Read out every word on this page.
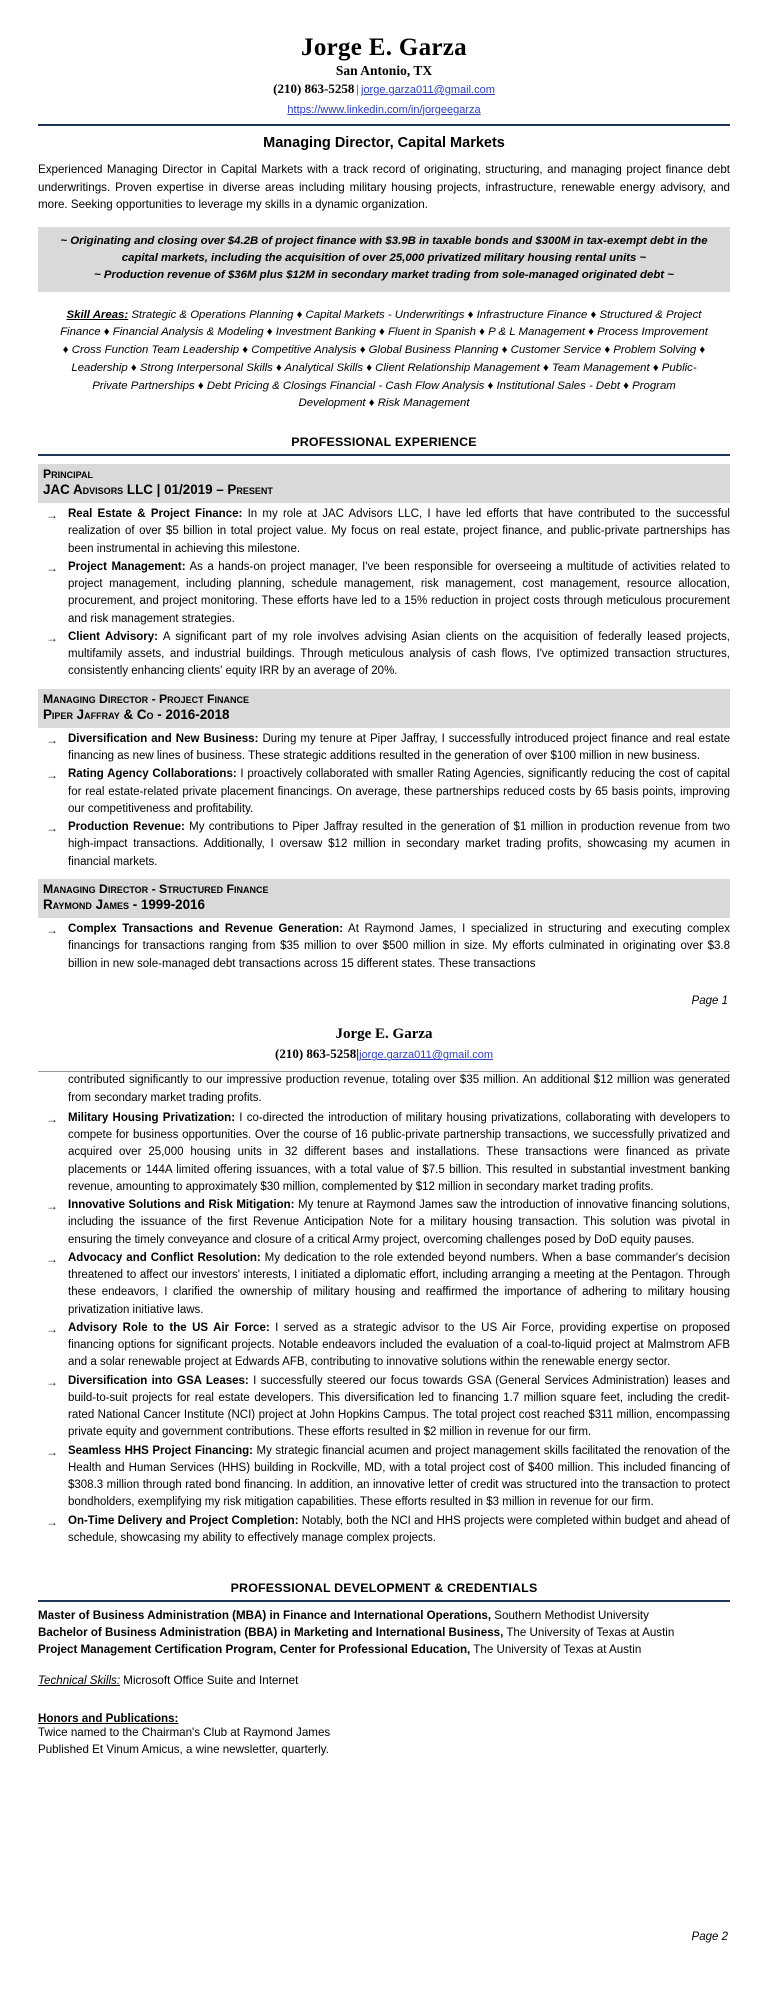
Jorge E. Garza
San Antonio, TX
(210) 863-5258 | jorge.garza011@gmail.com
https://www.linkedin.com/in/jorgeegarza
Managing Director, Capital Markets

Experienced Managing Director in Capital Markets with a track record of originating, structuring, and managing project finance debt underwritings. Proven expertise in diverse areas including military housing projects, infrastructure, renewable energy advisory, and more. Seeking opportunities to leverage my skills in a dynamic organization.

~ Originating and closing over $4.2B of project finance with $3.9B in taxable bonds and $300M in tax-exempt debt in the capital markets, including the acquisition of over 25,000 privatized military housing rental units ~

~ Production revenue of $36M plus $12M in secondary market trading from sole-managed originated debt ~

Skill Areas: Strategic & Operations Planning ♦ Capital Markets - Underwritings ♦ Infrastructure Finance ♦ Structured & Project Finance ♦ Financial Analysis & Modeling ♦ Investment Banking ♦ Fluent in Spanish ♦ P & L Management ♦ Process Improvement ♦ Cross Function Team Leadership ♦ Competitive Analysis ♦ Global Business Planning ♦ Customer Service ♦ Problem Solving ♦ Leadership ♦ Strong Interpersonal Skills ♦ Analytical Skills ♦ Client Relationship Management ♦ Team Management ♦ Public-Private Partnerships ♦ Debt Pricing & Closings Financial - Cash Flow Analysis ♦ Institutional Sales - Debt ♦ Program Development ♦ Risk Management
PROFESSIONAL EXPERIENCE
Principal
JAC Advisors LLC | 01/2019 – Present
→ Real Estate & Project Finance: In my role at JAC Advisors LLC, I have led efforts that have contributed to the successful realization of over $5 billion in total project value. My focus on real estate, project finance, and public-private partnerships has been instrumental in achieving this milestone.
→ Project Management: As a hands-on project manager, I've been responsible for overseeing a multitude of activities related to project management, including planning, schedule management, risk management, cost management, resource allocation, procurement, and project monitoring. These efforts have led to a 15% reduction in project costs through meticulous procurement and risk management strategies.
→ Client Advisory: A significant part of my role involves advising Asian clients on the acquisition of federally leased projects, multifamily assets, and industrial buildings. Through meticulous analysis of cash flows, I've optimized transaction structures, consistently enhancing clients' equity IRR by an average of 20%.
Managing Director - Project Finance
Piper Jaffray & Co - 2016-2018
→ Diversification and New Business: During my tenure at Piper Jaffray, I successfully introduced project finance and real estate financing as new lines of business. These strategic additions resulted in the generation of over $100 million in new business.
→ Rating Agency Collaborations: I proactively collaborated with smaller Rating Agencies, significantly reducing the cost of capital for real estate-related private placement financings. On average, these partnerships reduced costs by 65 basis points, improving our competitiveness and profitability.
→ Production Revenue: My contributions to Piper Jaffray resulted in the generation of $1 million in production revenue from two high-impact transactions. Additionally, I oversaw $12 million in secondary market trading profits, showcasing my acumen in financial markets.
Managing Director - Structured Finance
Raymond James - 1999-2016
→ Complex Transactions and Revenue Generation: At Raymond James, I specialized in structuring and executing complex financings for transactions ranging from $35 million to over $500 million in size. My efforts culminated in originating over $3.8 billion in new sole-managed debt transactions across 15 different states. These transactions
Page 1
Jorge E. Garza
(210) 863-5258|jorge.garza011@gmail.com

contributed significantly to our impressive production revenue, totaling over $35 million. An additional $12 million was generated from secondary market trading profits.

→ Military Housing Privatization: I co-directed the introduction of military housing privatizations, collaborating with developers to compete for business opportunities. Over the course of 16 public-private partnership transactions, we successfully privatized and acquired over 25,000 housing units in 32 different bases and installations. These transactions were financed as private placements or 144A limited offering issuances, with a total value of $7.5 billion. This resulted in substantial investment banking revenue, amounting to approximately $30 million, complemented by $12 million in secondary market trading profits.
→ Innovative Solutions and Risk Mitigation: My tenure at Raymond James saw the introduction of innovative financing solutions, including the issuance of the first Revenue Anticipation Note for a military housing transaction. This solution was pivotal in ensuring the timely conveyance and closure of a critical Army project, overcoming challenges posed by DoD equity pauses.
→ Advocacy and Conflict Resolution: My dedication to the role extended beyond numbers. When a base commander's decision threatened to affect our investors' interests, I initiated a diplomatic effort, including arranging a meeting at the Pentagon. Through these endeavors, I clarified the ownership of military housing and reaffirmed the importance of adhering to military housing privatization initiative laws.
→ Advisory Role to the US Air Force: I served as a strategic advisor to the US Air Force, providing expertise on proposed financing options for significant projects. Notable endeavors included the evaluation of a coal-to-liquid project at Malmstrom AFB and a solar renewable project at Edwards AFB, contributing to innovative solutions within the renewable energy sector.
→ Diversification into GSA Leases: I successfully steered our focus towards GSA (General Services Administration) leases and build-to-suit projects for real estate developers. This diversification led to financing 1.7 million square feet, including the credit-rated National Cancer Institute (NCI) project at John Hopkins Campus. The total project cost reached $311 million, encompassing private equity and government contributions. These efforts resulted in $2 million in revenue for our firm.
→ Seamless HHS Project Financing: My strategic financial acumen and project management skills facilitated the renovation of the Health and Human Services (HHS) building in Rockville, MD, with a total project cost of $400 million. This included financing of $308.3 million through rated bond financing. In addition, an innovative letter of credit was structured into the transaction to protect bondholders, exemplifying my risk mitigation capabilities. These efforts resulted in $3 million in revenue for our firm.
→ On-Time Delivery and Project Completion: Notably, both the NCI and HHS projects were completed within budget and ahead of schedule, showcasing my ability to effectively manage complex projects.
PROFESSIONAL DEVELOPMENT & CREDENTIALS

Master of Business Administration (MBA) in Finance and International Operations, Southern Methodist University

Bachelor of Business Administration (BBA) in Marketing and International Business, The University of Texas at Austin

Project Management Certification Program, Center for Professional Education, The University of Texas at Austin

Technical Skills: Microsoft Office Suite and Internet

Honors and Publications:

Twice named to the Chairman's Club at Raymond James

Published Et Vinum Amicus, a wine newsletter, quarterly.

Page 2
